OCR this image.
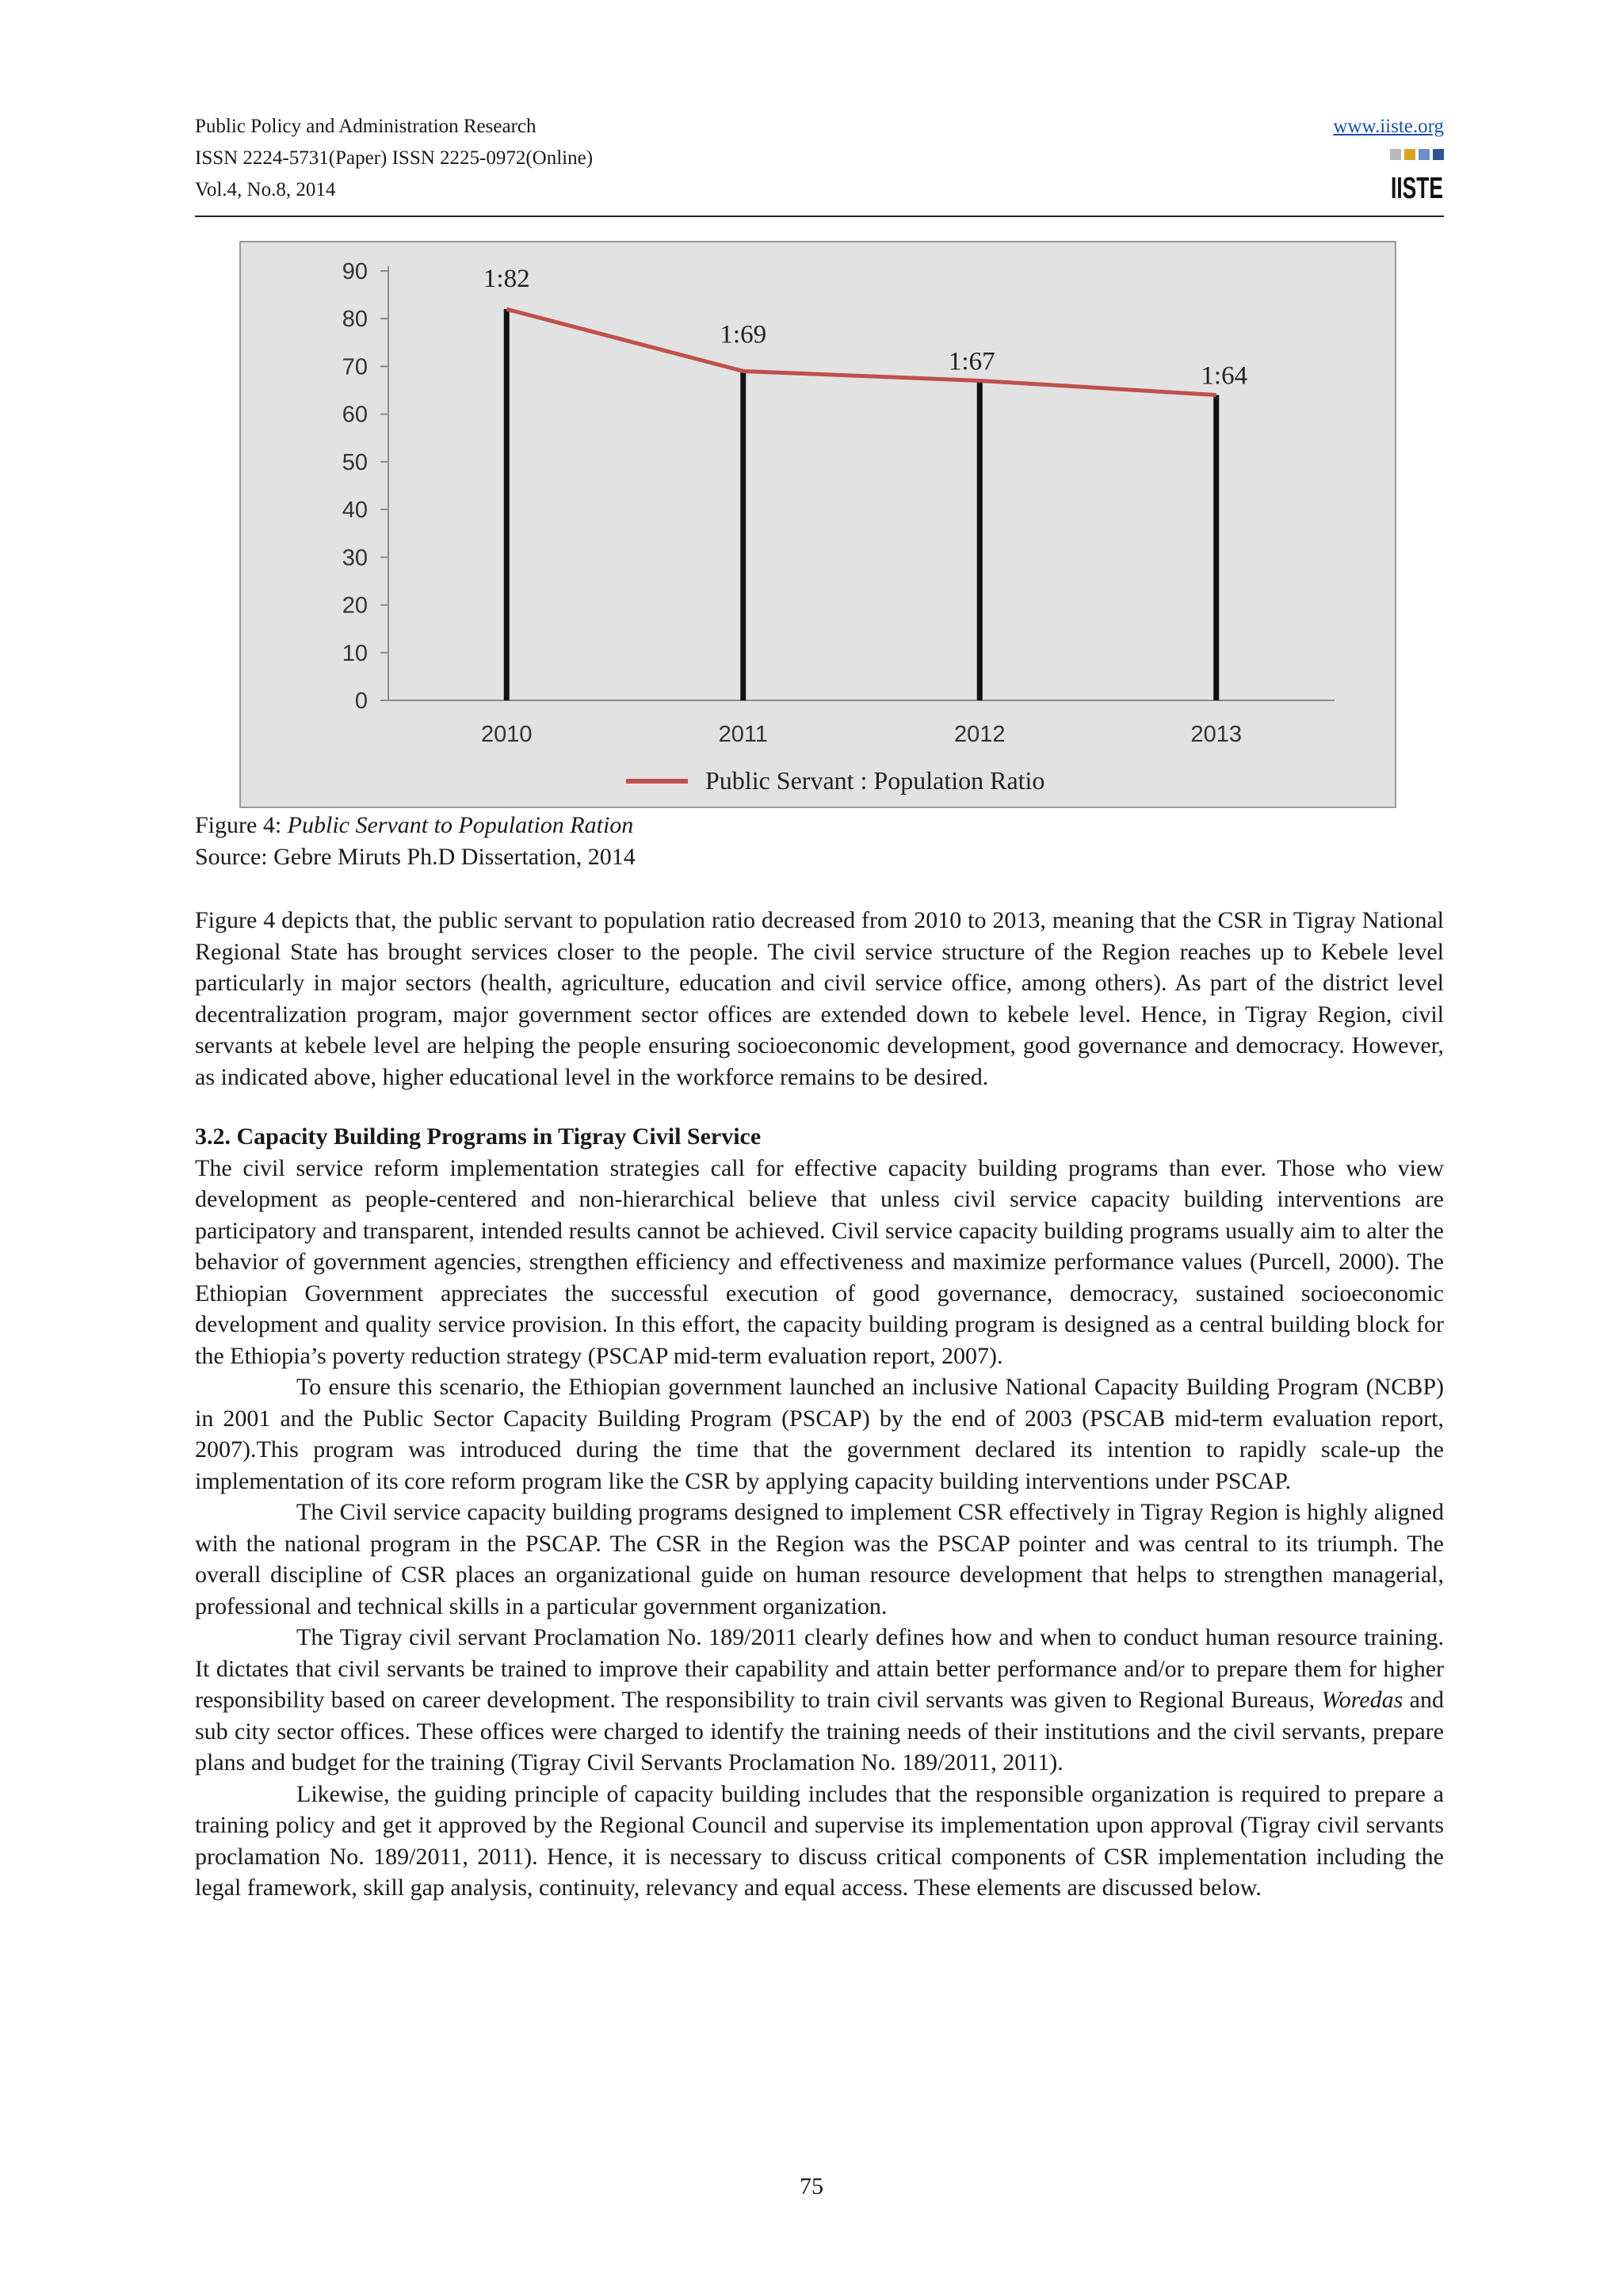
Public Policy and Administration Research
ISSN 2224-5731(Paper) ISSN 2225-0972(Online)
Vol.4, No.8, 2014
www.iiste.org
IISTE
0
10
20
30
40
50
60
70
80
90
2010	2011	2012	2013
1:82
1:69
1:67
1:64
Public Servant : Population Ratio
Figure 4: Public Servant to Population Ration
Source: Gebre Miruts Ph.D Dissertation, 2014

Figure 4 depicts that, the public servant to population ratio decreased from 2010 to 2013, meaning that the CSR in Tigray National Regional State has brought services closer to the people. The civil service structure of the Region reaches up to Kebele level particularly in major sectors (health, agriculture, education and civil service office, among others). As part of the district level decentralization program, major government sector offices are extended down to kebele level. Hence, in Tigray Region, civil servants at kebele level are helping the people ensuring socioeconomic development, good governance and democracy. However, as indicated above, higher educational level in the workforce remains to be desired.

3.2. Capacity Building Programs in Tigray Civil Service

The civil service reform implementation strategies call for effective capacity building programs than ever. Those who view development as people-centered and non-hierarchical believe that unless civil service capacity building interventions are participatory and transparent, intended results cannot be achieved. Civil service capacity building programs usually aim to alter the behavior of government agencies, strengthen efficiency and effectiveness and maximize performance values (Purcell, 2000). The Ethiopian Government appreciates the successful execution of good governance, democracy, sustained socioeconomic development and quality service provision. In this effort, the capacity building program is designed as a central building block for the Ethiopia’s poverty reduction strategy (PSCAP mid-term evaluation report, 2007).

To ensure this scenario, the Ethiopian government launched an inclusive National Capacity Building Program (NCBP) in 2001 and the Public Sector Capacity Building Program (PSCAP) by the end of 2003 (PSCAB mid-term evaluation report, 2007).This program was introduced during the time that the government declared its intention to rapidly scale-up the implementation of its core reform program like the CSR by applying capacity building interventions under PSCAP.

The Civil service capacity building programs designed to implement CSR effectively in Tigray Region is highly aligned with the national program in the PSCAP. The CSR in the Region was the PSCAP pointer and was central to its triumph. The overall discipline of CSR places an organizational guide on human resource development that helps to strengthen managerial, professional and technical skills in a particular government organization.

The Tigray civil servant Proclamation No. 189/2011 clearly defines how and when to conduct human resource training. It dictates that civil servants be trained to improve their capability and attain better performance and/or to prepare them for higher responsibility based on career development. The responsibility to train civil servants was given to Regional Bureaus, Woredas and sub city sector offices. These offices were charged to identify the training needs of their institutions and the civil servants, prepare plans and budget for the training (Tigray Civil Servants Proclamation No. 189/2011, 2011).

Likewise, the guiding principle of capacity building includes that the responsible organization is required to prepare a training policy and get it approved by the Regional Council and supervise its implementation upon approval (Tigray civil servants proclamation No. 189/2011, 2011). Hence, it is necessary to discuss critical components of CSR implementation including the legal framework, skill gap analysis, continuity, relevancy and equal access. These elements are discussed below.

75
